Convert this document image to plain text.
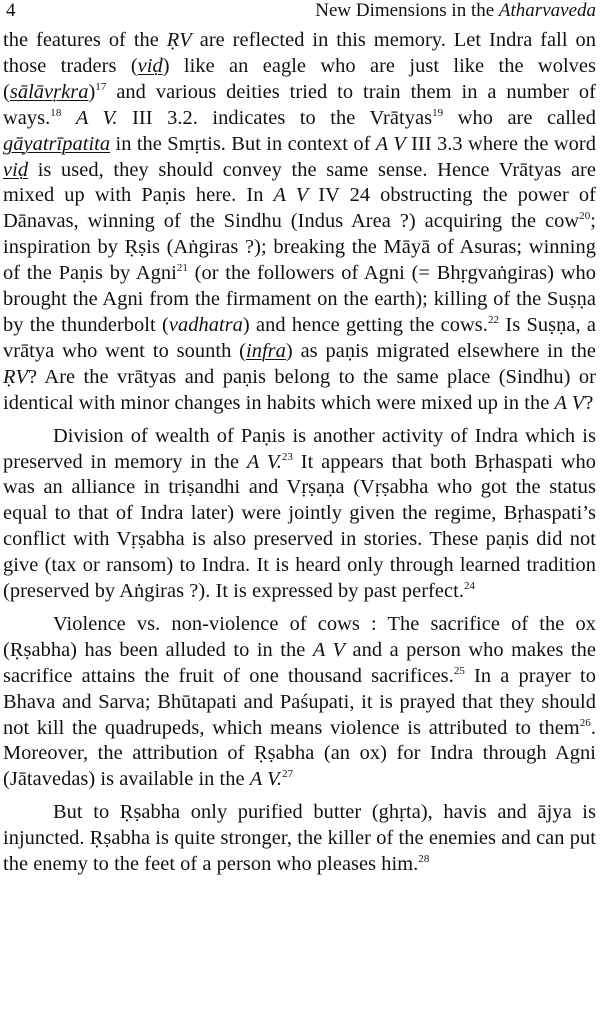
4	New Dimensions in the Atharvaveda

the features of the ṚV are reflected in this memory. Let Indra fall on those traders (viḍ) like an eagle who are just like the wolves (sālāvṛkra)$^{17}$ and various deities tried to train them in a number of ways.$^{18}$ A V. III 3.2. indicates to the Vrātyas$^{19}$ who are called gāyatrīpatita in the Smṛtis. But in context of A V III 3.3 where the word viḍ is used, they should convey the same sense. Hence Vrātyas are mixed up with Paṇis here. In A V IV 24 obstructing the power of Dānavas, winning of the Sindhu (Indus Area ?) acquiring the cow$^{20}$; inspiration by Ṛṣis (Aṅgiras ?); breaking the Māyā of Asuras; winning of the Paṇis by Agni$^{21}$ (or the followers of Agni (= Bhṛgvaṅgiras) who brought the Agni from the firmament on the earth); killing of the Suṣṇa by the thunderbolt (vadhatra) and hence getting the cows.$^{22}$ Is Suṣṇa, a vrātya who went to sounth (infra) as paṇis migrated elsewhere in the ṚV? Are the vrātyas and paṇis belong to the same place (Sindhu) or identical with minor changes in habits which were mixed up in the A V?

Division of wealth of Paṇis is another activity of Indra which is preserved in memory in the A V.$^{23}$ It appears that both Bṛhaspati who was an alliance in triṣandhi and Vṛṣaṇa (Vṛṣabha who got the status equal to that of Indra later) were jointly given the regime, Bṛhaspati’s conflict with Vṛṣabha is also preserved in stories. These paṇis did not give (tax or ransom) to Indra. It is heard only through learned tradition (preserved by Aṅgiras ?). It is expressed by past perfect.$^{24}$

Violence vs. non-violence of cows : The sacrifice of the ox (Ṛṣabha) has been alluded to in the A V and a person who makes the sacrifice attains the fruit of one thousand sacrifices.$^{25}$ In a prayer to Bhava and Sarva; Bhūtapati and Paśupati, it is prayed that they should not kill the quadrupeds, which means violence is attributed to them$^{26}$. Moreover, the attribution of Ṛṣabha (an ox) for Indra through Agni (Jātavedas) is available in the A V.$^{27}$

But to Ṛṣabha only purified butter (ghṛta), havis and ājya is injuncted. Ṛṣabha is quite stronger, the killer of the enemies and can put the enemy to the feet of a person who pleases him.$^{28}$
